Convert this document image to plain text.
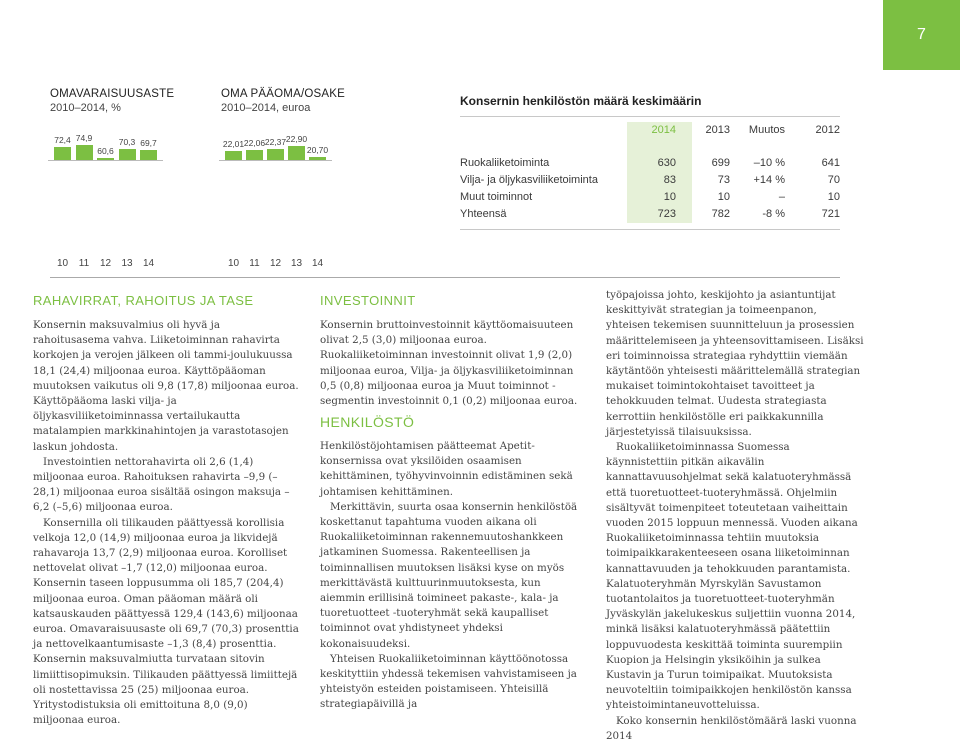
7
OMAVARAISUUSASTE
2010–2014, %
72,4
10
74,9
11
60,6
12
70,3
13
69,7
14
OMA PÄÄOMA/OSAKE
2010–2014, euroa
22,01
10
22,06
11
22,37
12
22,90
13
20,70
14
Konsernin henkilöstön määrä keskimäärin
2014	2013 Muutos	2012
Ruokaliiketoiminta	630	699 –10 %	641
Vilja- ja öljykasviliiketoiminta	83	73 +14 %	70
Muut toiminnot	10	10	–	10
Yhteensä	723	782	-8 %	721
RAHAVIRRAT, RAHOITUS JA TASE

Konsernin maksuvalmius oli hyvä ja rahoitusasema vahva. Liiketoiminnan rahavirta korkojen ja verojen jälkeen oli tammi-joulukuussa 18,1 (24,4) miljoonaa euroa. Käyttöpääoman muutoksen vaikutus oli 9,8 (17,8) miljoonaa euroa. Käyttöpääoma laski vilja- ja öljykasviliiketoiminnassa vertailukautta matalampien markkinahintojen ja varastotasojen laskun johdosta.

Investointien nettorahavirta oli 2,6 (1,4) miljoonaa euroa. Rahoituksen rahavirta –9,9 (–28,1) miljoonaa euroa sisältää osingon maksuja –6,2 (–5,6) miljoonaa euroa.

Konsernilla oli tilikauden päättyessä korollisia velkoja 12,0 (14,9) miljoonaa euroa ja likvidejä rahavaroja 13,7 (2,9) miljoonaa euroa. Korolliset nettovelat olivat –1,7 (12,0) miljoonaa euroa. Konsernin taseen loppusumma oli 185,7 (204,4) miljoonaa euroa. Oman pääoman määrä oli katsauskauden päättyessä 129,4 (143,6) miljoonaa euroa. Omavaraisuusaste oli 69,7 (70,3) prosenttia ja nettovelkaantumisaste –1,3 (8,4) prosenttia. Konsernin maksuvalmiutta turvataan sitovin limiittisopimuksin. Tilikauden päättyessä limiittejä oli nostettavissa 25 (25) miljoonaa euroa. Yritystodistuksia oli emittoituna 8,0 (9,0) miljoonaa euroa.

INVESTOINNIT

Konsernin bruttoinvestoinnit käyttöomaisuuteen olivat 2,5 (3,0) miljoonaa euroa. Ruokaliiketoiminnan investoinnit olivat 1,9 (2,0) miljoonaa euroa, Vilja- ja öljykasviliiketoiminnan 0,5 (0,8) miljoonaa euroa ja Muut toiminnot -segmentin investoinnit 0,1 (0,2) miljoonaa euroa.

HENKILÖSTÖ

Henkilöstöjohtamisen päätteemat Apetit-konsernissa ovat yksilöiden osaamisen kehittäminen, työhyvinvoinnin edistäminen sekä johtamisen kehittäminen.

Merkittävin, suurta osaa konsernin henkilöstöä koskettanut tapahtuma vuoden aikana oli Ruokaliiketoiminnan rakennemuutoshankkeen jatkaminen Suomessa. Rakenteellisen ja toiminnallisen muutoksen lisäksi kyse on myös merkittävästä kulttuurinmuutoksesta, kun aiemmin erillisinä toimineet pakaste-, kala- ja tuoretuotteet -tuoteryhmät sekä kaupalliset toiminnot ovat yhdistyneet yhdeksi kokonaisuudeksi.

Yhteisen Ruokaliiketoiminnan käyttöönotossa keskityttiin yhdessä tekemisen vahvistamiseen ja yhteistyön esteiden poistamiseen. Yhteisillä strategiapäivillä ja

työpajoissa johto, keskijohto ja asiantuntijat keskittyivät strategian ja toimeenpanon, yhteisen tekemisen suunnitteluun ja prosessien määrittelemiseen ja yhteensovittamiseen. Lisäksi eri toiminnoissa strategiaa ryhdyttiin viemään käytäntöön yhteisesti määrittelemällä strategian mukaiset toimintokohtaiset tavoitteet ja tehokkuuden telmat. Uudesta strategiasta kerrottiin henkilöstölle eri paikkakunnilla järjestetyissä tilaisuuksissa.

Ruokaliiketoiminnassa Suomessa käynnistettiin pitkän aikavälin kannattavuusohjelmat sekä kalatuoteryhmässä että tuoretuotteet-tuoteryhmässä. Ohjelmiin sisältyvät toimenpiteet toteutetaan vaiheittain vuoden 2015 loppuun mennessä. Vuoden aikana Ruokaliiketoiminnassa tehtiin muutoksia toimipaikkarakenteeseen osana liiketoiminnan kannattavuuden ja tehokkuuden parantamista. Kalatuoteryhmän Myrskylän Savustamon tuotantolaitos ja tuoretuotteet-tuoteryhmän Jyväskylän jakelukeskus suljettiin vuonna 2014, minkä lisäksi kalatuoteryhmässä päätettiin loppuvuodesta keskittää toiminta suurempiin Kuopion ja Helsingin yksiköihin ja sulkea Kustavin ja Turun toimipaikat. Muutoksista neuvoteltiin toimipaikkojen henkilöstön kanssa yhteistoimintaneuvotteluissa.

Koko konsernin henkilöstömäärä laski vuonna 2014
